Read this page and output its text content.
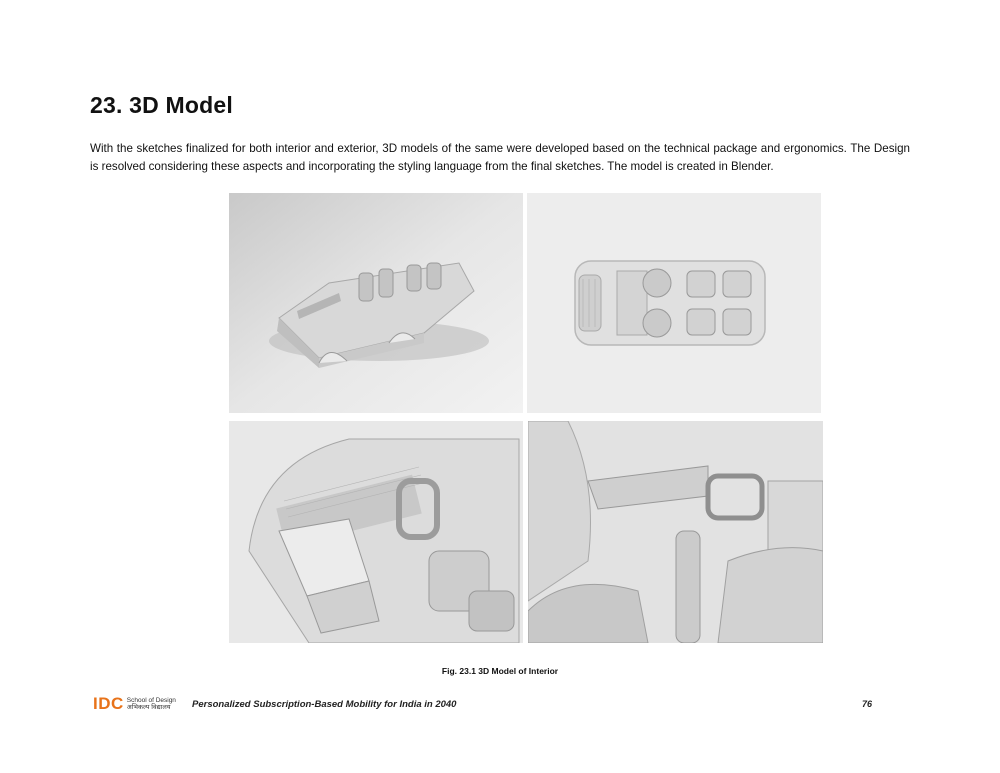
23. 3D Model

With the sketches finalized for both interior and exterior, 3D models of the same were developed based on the technical package and ergonomics. The Design is resolved considering these aspects and incorporating the styling language from the final sketches. The model is created in Blender.

Fig. 23.1 3D Model of Interior
IDC School of Design
अभिकल्प विद्यालय	Personalized Subscription-Based Mobility for India in 2040	76
